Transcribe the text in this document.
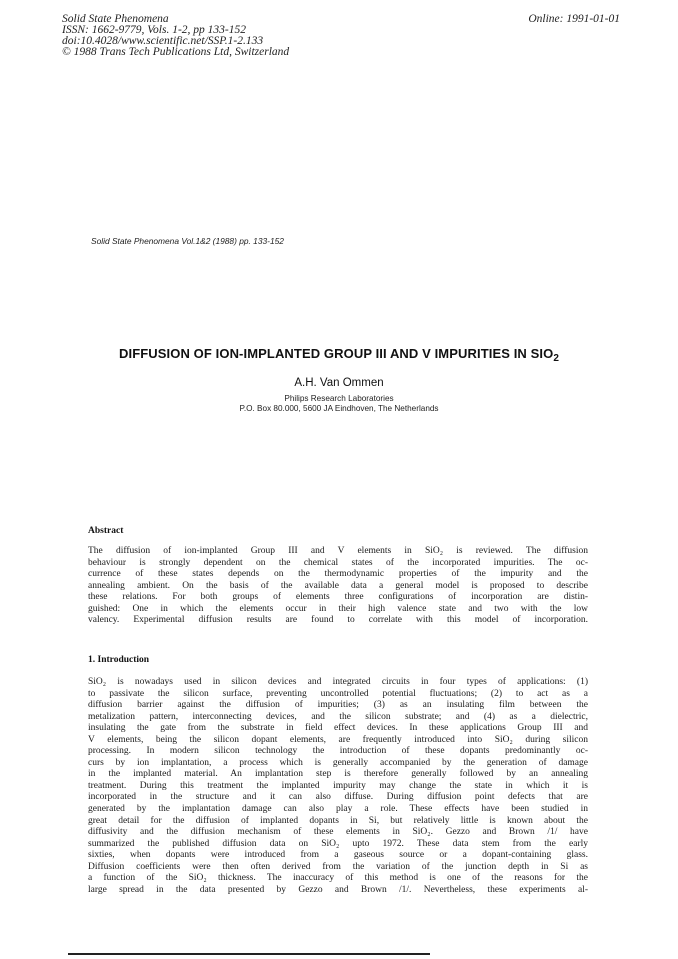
Solid State Phenomena
ISSN: 1662-9779, Vols. 1-2, pp 133-152
doi:10.4028/www.scientific.net/SSP.1-2.133
© 1988 Trans Tech Publications Ltd, Switzerland
Online: 1991-01-01
Solid State Phenomena Vol.1&2 (1988) pp. 133-152
DIFFUSION OF ION-IMPLANTED GROUP III AND V IMPURITIES IN $SIO_2$
A.H. Van Ommen
Philips Research Laboratories
P.O. Box 80.000, 5600 JA Eindhoven, The Netherlands
Abstract
The diffusion of ion-implanted Group III and V elements in SiO₂ is reviewed. The diffusion
behaviour is strongly dependent on the chemical states of the incorporated impurities. The oc-
currence of these states depends on the thermodynamic properties of the impurity and the
annealing ambient. On the basis of the available data a general model is proposed to describe
these relations. For both groups of elements three configurations of incorporation are distin-
guished: One in which the elements occur in their high valence state and two with the low
valency. Experimental diffusion results are found to correlate with this model of incorporation.
1. Introduction
SiO₂ is nowadays used in silicon devices and integrated circuits in four types of applications: (1)
to passivate the silicon surface, preventing uncontrolled potential fluctuations; (2) to act as a
diffusion barrier against the diffusion of impurities; (3) as an insulating film between the
metalization pattern, interconnecting devices, and the silicon substrate; and (4) as a dielectric,
insulating the gate from the substrate in field effect devices. In these applications Group III and
V elements, being the silicon dopant elements, are frequently introduced into SiO₂ during silicon
processing. In modern silicon technology the introduction of these dopants predominantly oc-
curs by ion implantation, a process which is generally accompanied by the generation of damage
in the implanted material. An implantation step is therefore generally followed by an annealing
treatment. During this treatment the implanted impurity may change the state in which it is
incorporated in the structure and it can also diffuse. During diffusion point defects that are
generated by the implantation damage can also play a role. These effects have been studied in
great detail for the diffusion of implanted dopants in Si, but relatively little is known about the
diffusivity and the diffusion mechanism of these elements in SiO₂. Gezzo and Brown /1/ have
summarized the published diffusion data on SiO₂ upto 1972. These data stem from the early
sixties, when dopants were introduced from a gaseous source or a dopant-containing glass.
Diffusion coefficients were then often derived from the variation of the junction depth in Si as
a function of the SiO₂ thickness. The inaccuracy of this method is one of the reasons for the
large spread in the data presented by Gezzo and Brown /1/. Nevertheless, these experiments al-
